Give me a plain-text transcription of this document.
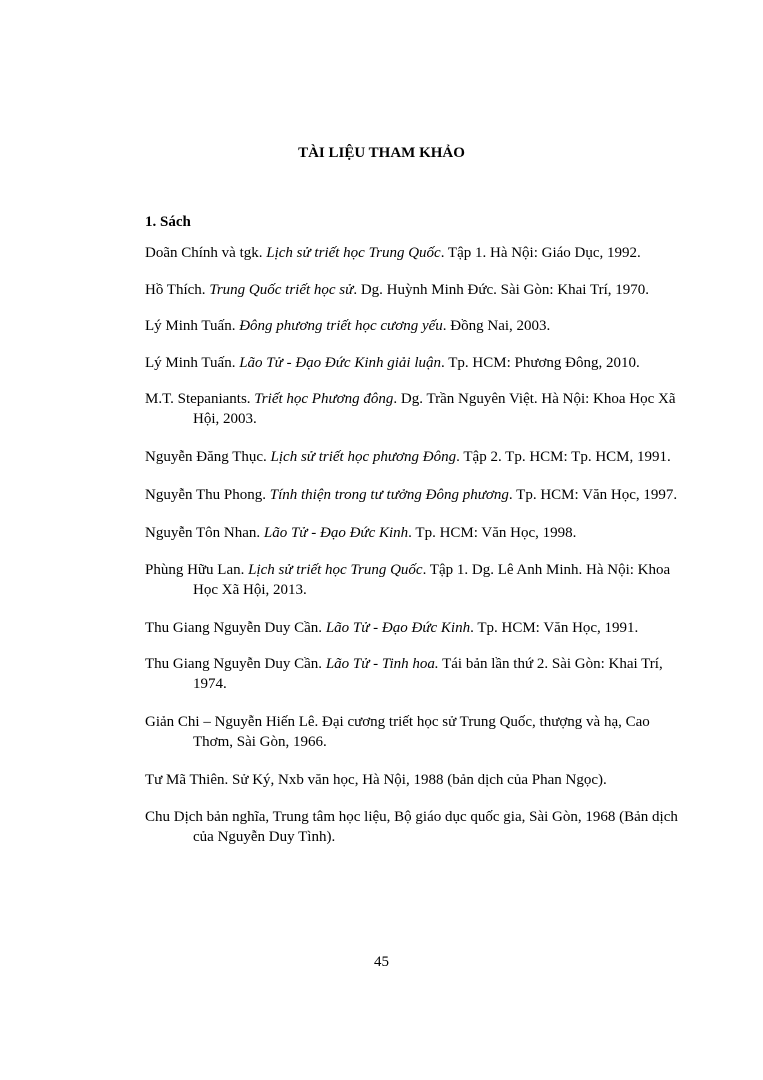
TÀI LIỆU THAM KHẢO
1. Sách

Doãn Chính và tgk. Lịch sử triết học Trung Quốc. Tập 1. Hà Nội: Giáo Dục, 1992.

Hồ Thích. Trung Quốc triết học sử. Dg. Huỳnh Minh Đức. Sài Gòn: Khai Trí, 1970.

Lý Minh Tuấn. Đông phương triết học cương yếu. Đồng Nai, 2003.

Lý Minh Tuấn. Lão Tử - Đạo Đức Kinh giải luận. Tp. HCM: Phương Đông, 2010.

M.T. Stepaniants. Triết học Phương đông. Dg. Trần Nguyên Việt. Hà Nội: Khoa Học Xã Hội, 2003.

Nguyễn Đăng Thục. Lịch sử triết học phương Đông. Tập 2. Tp. HCM: Tp. HCM, 1991.

Nguyễn Thu Phong. Tính thiện trong tư tưởng Đông phương. Tp. HCM: Văn Học, 1997.

Nguyễn Tôn Nhan. Lão Tử - Đạo Đức Kinh. Tp. HCM: Văn Học, 1998.

Phùng Hữu Lan. Lịch sử triết học Trung Quốc. Tập 1. Dg. Lê Anh Minh. Hà Nội: Khoa Học Xã Hội, 2013.

Thu Giang Nguyễn Duy Cần. Lão Tử - Đạo Đức Kinh. Tp. HCM: Văn Học, 1991.

Thu Giang Nguyễn Duy Cần. Lão Tử - Tinh hoa. Tái bản lần thứ 2. Sài Gòn: Khai Trí, 1974.

Giản Chi – Nguyễn Hiến Lê. Đại cương triết học sử Trung Quốc, thượng và hạ, Cao Thơm, Sài Gòn, 1966.

Tư Mã Thiên. Sử Ký, Nxb văn học, Hà Nội, 1988 (bản dịch của Phan Ngọc).

Chu Dịch bản nghĩa, Trung tâm học liệu, Bộ giáo dục quốc gia, Sài Gòn, 1968 (Bản dịch của Nguyễn Duy Tình).

45
